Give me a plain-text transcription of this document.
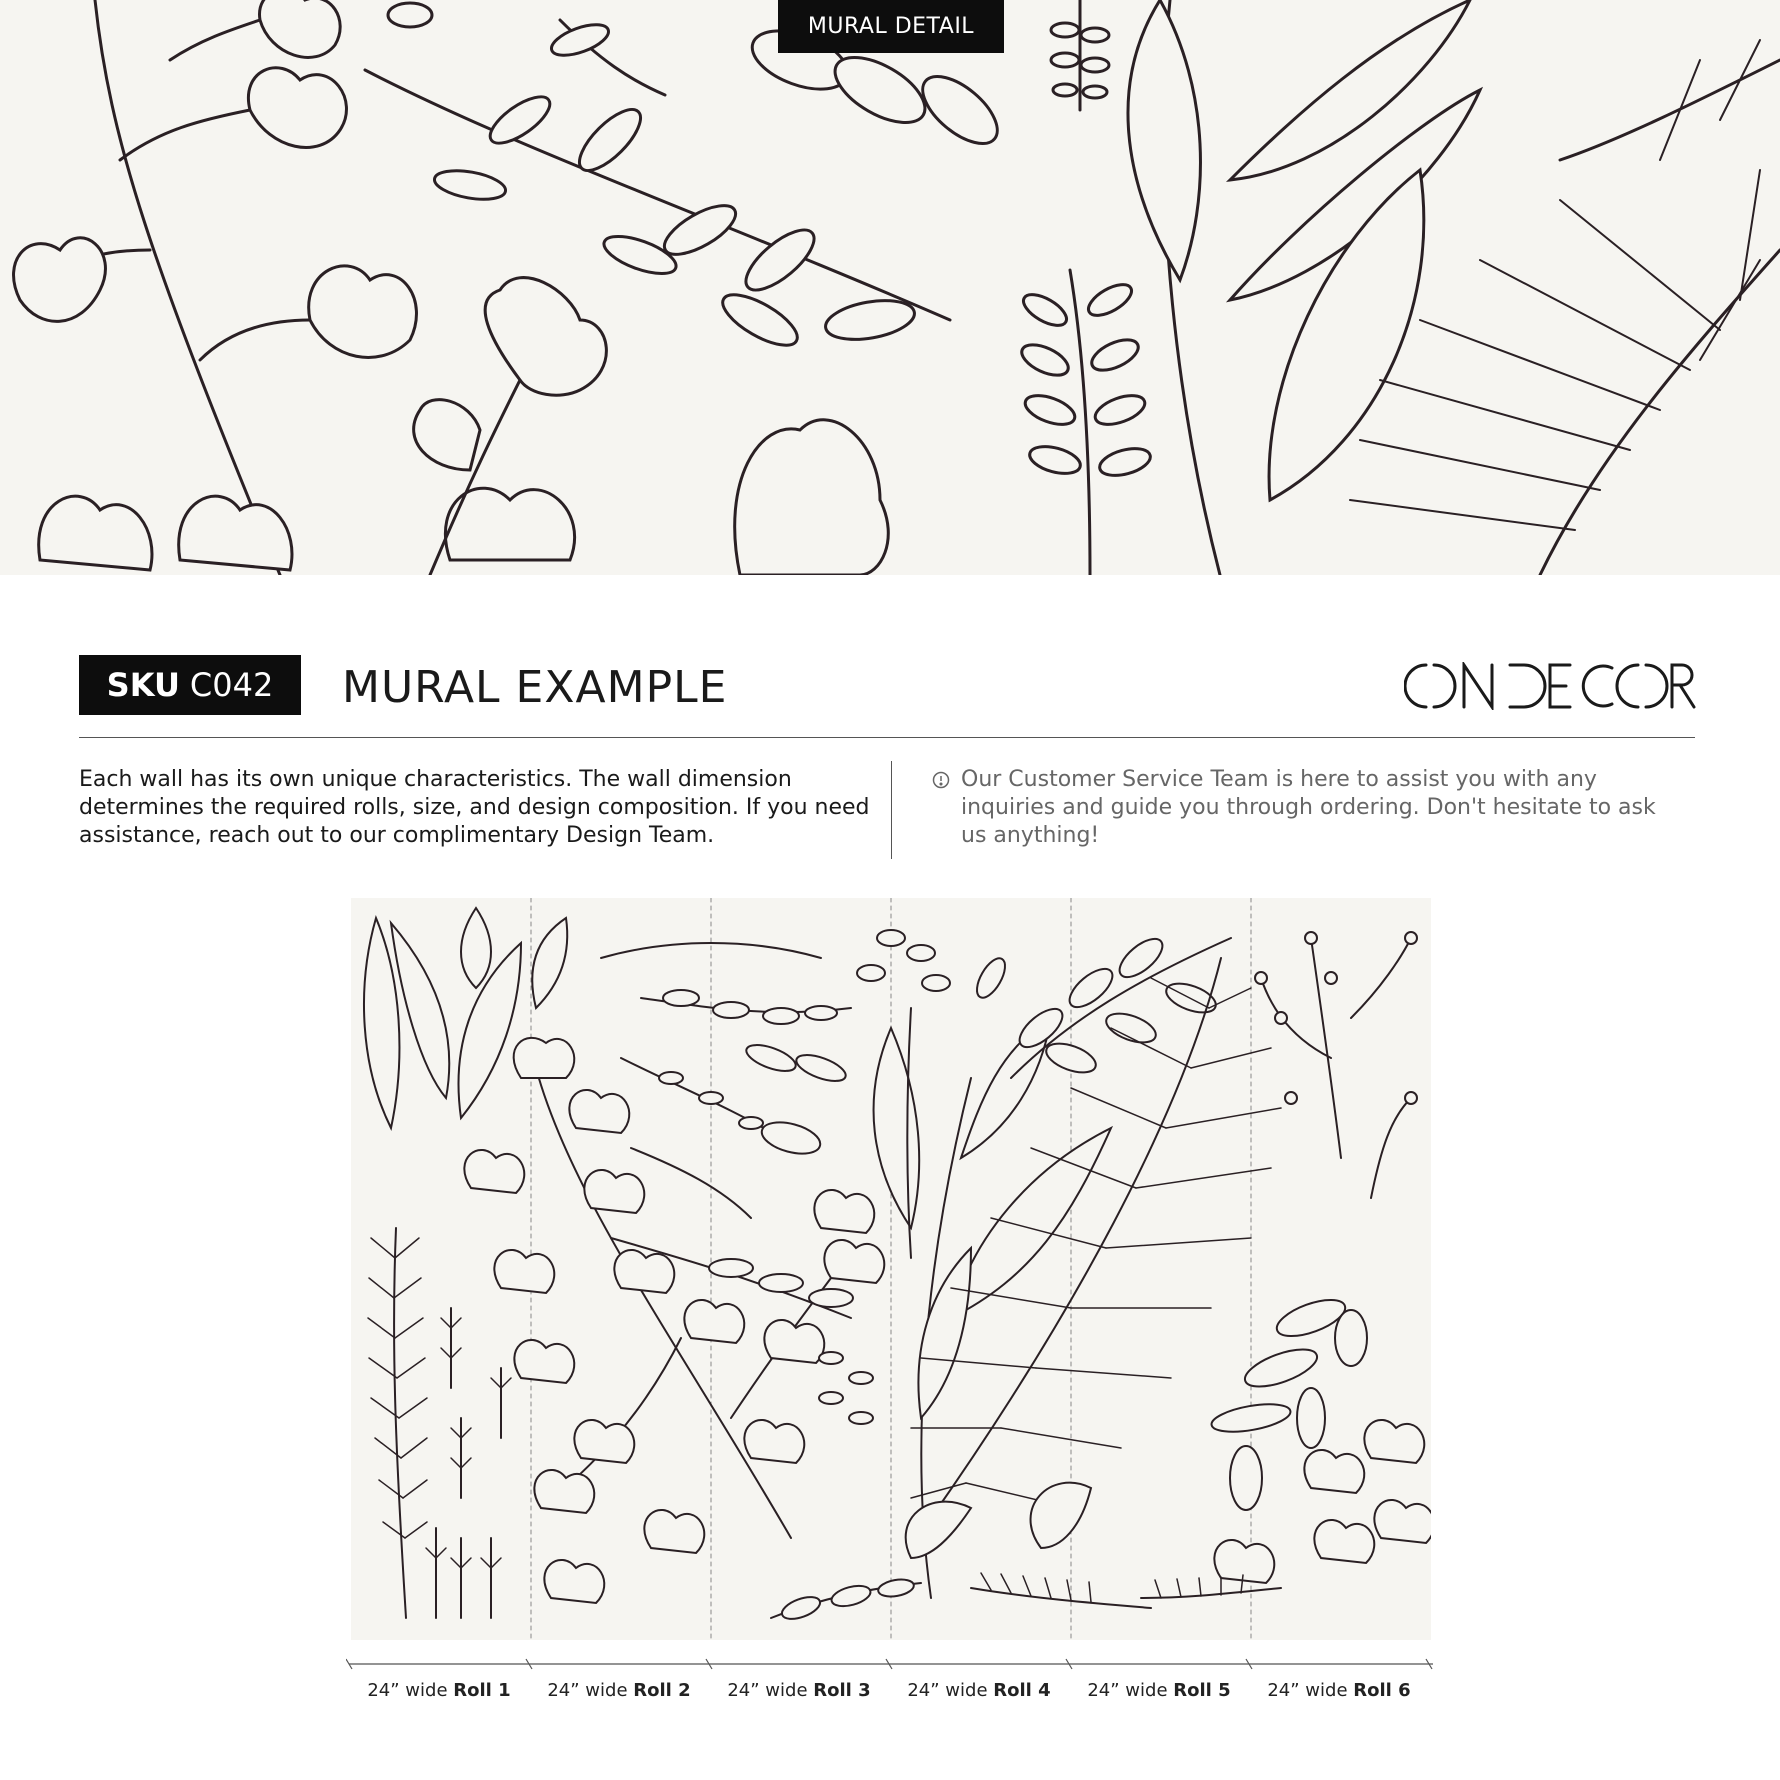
MURAL DETAIL
SKU C042 MURAL EXAMPLE
Each wall has its own unique characteristics. The wall dimension determines the required rolls, size, and design composition. If you need assistance, reach out to our complimentary Design Team.
Our Customer Service Team is here to assist you with any inquiries and guide you through ordering. Don't hesitate to ask us anything!
24” wide Roll 1	24” wide Roll 2	24” wide Roll 3	24” wide Roll 4	24” wide Roll 5	24” wide Roll 6
